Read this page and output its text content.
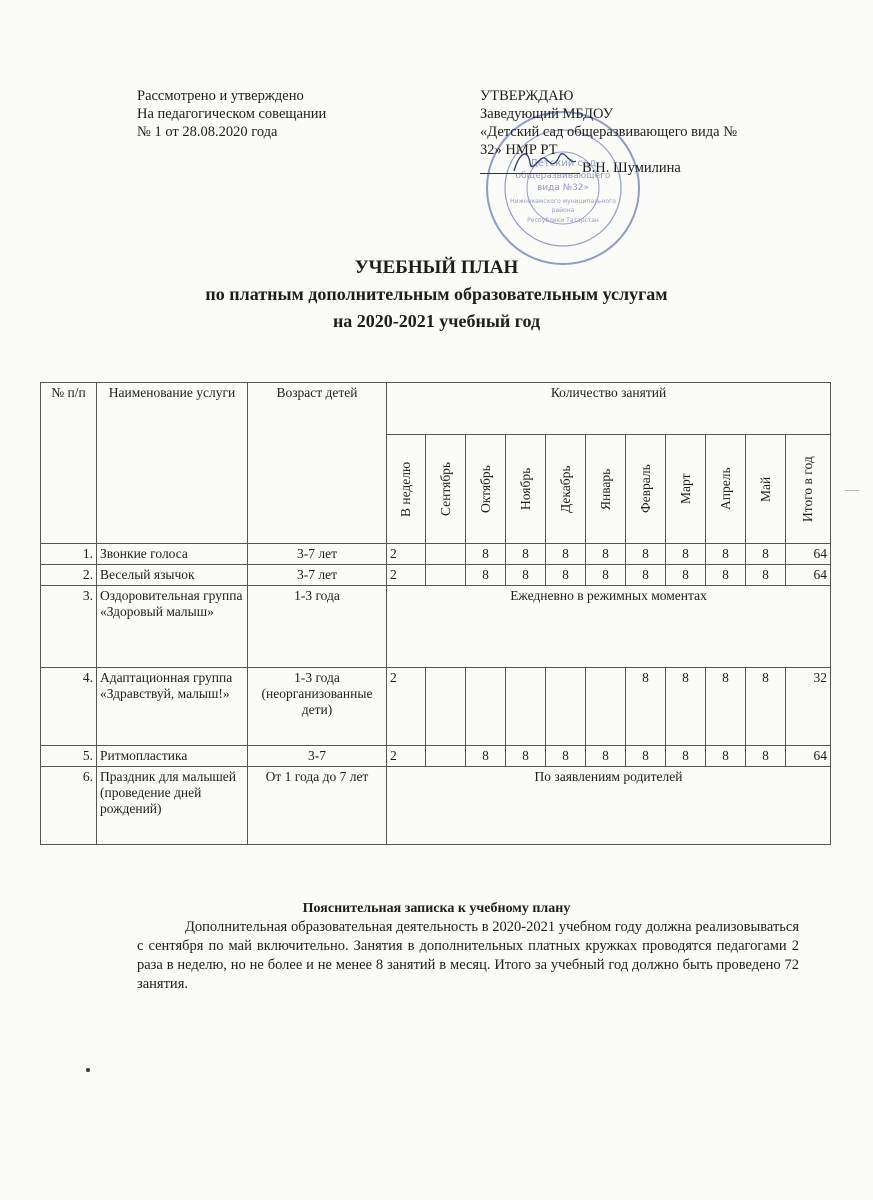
Рассмотрено и утверждено
На педагогическом совещании
№ 1 от 28.08.2020 года
Детский сад
общеразвивающего
вида №32»
Нижнекамского муниципального
района
Республики Татарстан
УТВЕРЖДАЮ
Заведующий МБДОУ
«Детский сад общеразвивающего вида №
32» НМР РТ
В.Н. Шумилина
УЧЕБНЫЙ ПЛАН
по платным дополнительным образовательным услугам
на 2020-2021 учебный год
№ п/п	Наименование услуги	Возраст детей	Количество занятий										

			В неделю	Сентябрь	Октябрь	Ноябрь	Декабрь	Январь	Февраль	Март	Апрель	Май	Итого в год

1.	Звонкие голоса	3-7 лет	2		8	8	8	8	8	8	8	8	64
2.	Веселый язычок	3-7 лет	2		8	8	8	8	8	8	8	8	64
3.	Оздоровительная группа «Здоровый малыш»	1-3 года	Ежедневно в режимных моментах										
4.	Адаптационная группа «Здравствуй, малыш!»	1-3 года (неорганизованные дети)	2						8	8	8	8	32
5.	Ритмопластика	3-7	2		8	8	8	8	8	8	8	8	64
6.	Праздник для малышей (проведение дней рождений)	От 1 года до 7 лет	По заявлениям родителей										
Пояснительная записка к учебному плану
Дополнительная образовательная деятельность в 2020-2021 учебном году должна реализовываться с сентября по май включительно. Занятия в дополнительных платных кружках проводятся педагогами 2 раза в неделю, но не более и не менее 8 занятий в месяц. Итого за учебный год должно быть проведено 72 занятия.
